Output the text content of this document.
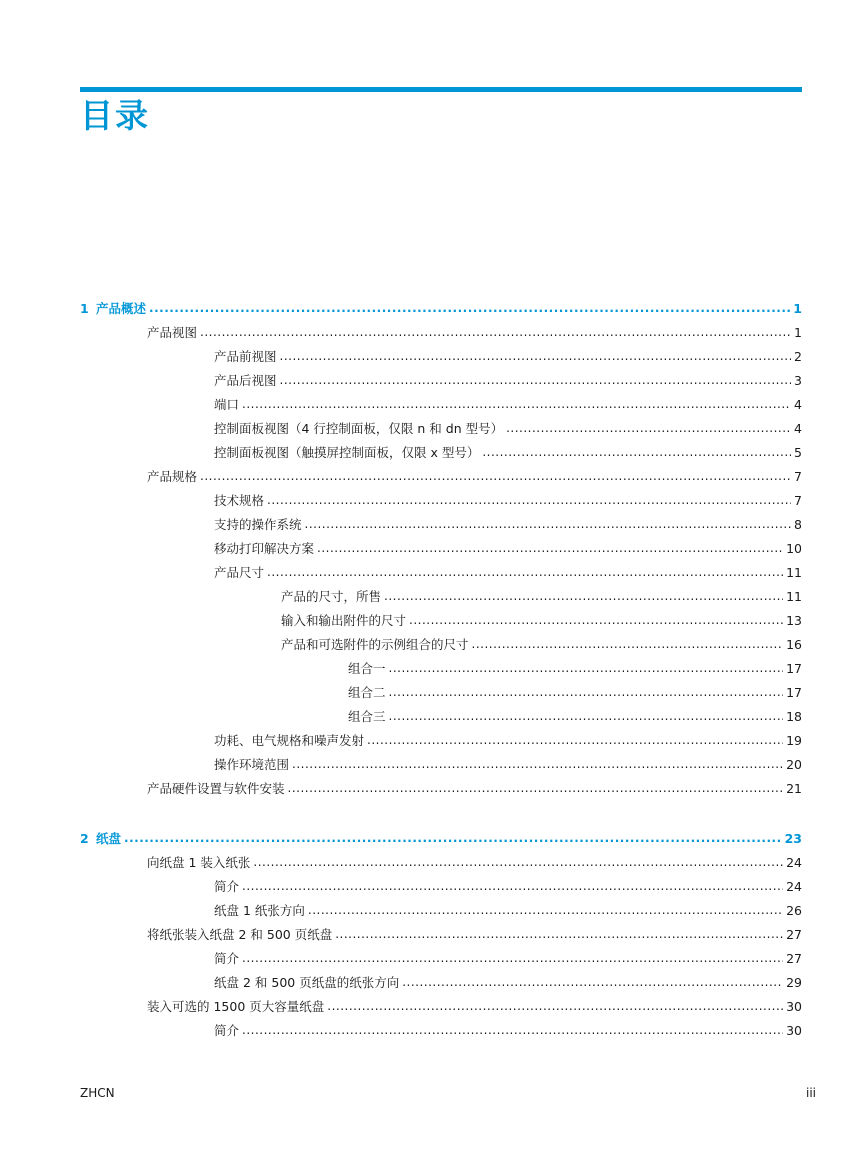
目录
1 产品概述 .....	1
产品视图 .....	1
产品前视图 .....	2
产品后视图 .....	3
端口 .....	4
控制面板视图（4 行控制面板，仅限 n 和 dn 型号） .....	4
控制面板视图（触摸屏控制面板，仅限 x 型号） .....	5
产品规格 .....	7
技术规格 .....	7
支持的操作系统 .....	8
移动打印解决方案 .....	10
产品尺寸 .....	11
产品的尺寸，所售 .....	11
输入和输出附件的尺寸 .....	13
产品和可选附件的示例组合的尺寸 .....	16
组合一 .....	17
组合二 .....	17
组合三 .....	18
功耗、电气规格和噪声发射 .....	19
操作环境范围 .....	20
产品硬件设置与软件安装 .....	21
2 纸盘 .....	23
向纸盘 1 装入纸张 .....	24
简介 .....	24
纸盘 1 纸张方向 .....	26
将纸张装入纸盘 2 和 500 页纸盘 .....	27
简介 .....	27
纸盘 2 和 500 页纸盘的纸张方向 .....	29
装入可选的 1500 页大容量纸盘 .....	30
简介 .....	30
ZHCN	iii
